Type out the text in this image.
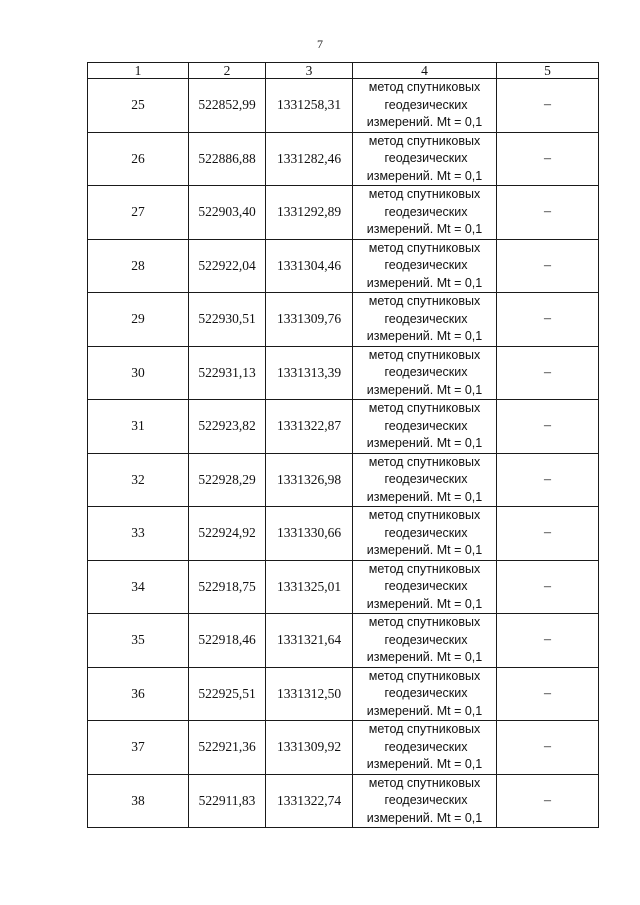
7
1	2	3	4	5
25	522852,99	1331258,31	метод спутниковых
геодезических
измерений. Mt = 0,1	–
26	522886,88	1331282,46	метод спутниковых
геодезических
измерений. Mt = 0,1	–
27	522903,40	1331292,89	метод спутниковых
геодезических
измерений. Mt = 0,1	–
28	522922,04	1331304,46	метод спутниковых
геодезических
измерений. Mt = 0,1	–
29	522930,51	1331309,76	метод спутниковых
геодезических
измерений. Mt = 0,1	–
30	522931,13	1331313,39	метод спутниковых
геодезических
измерений. Mt = 0,1	–
31	522923,82	1331322,87	метод спутниковых
геодезических
измерений. Mt = 0,1	–
32	522928,29	1331326,98	метод спутниковых
геодезических
измерений. Mt = 0,1	–
33	522924,92	1331330,66	метод спутниковых
геодезических
измерений. Mt = 0,1	–
34	522918,75	1331325,01	метод спутниковых
геодезических
измерений. Mt = 0,1	–
35	522918,46	1331321,64	метод спутниковых
геодезических
измерений. Mt = 0,1	–
36	522925,51	1331312,50	метод спутниковых
геодезических
измерений. Mt = 0,1	–
37	522921,36	1331309,92	метод спутниковых
геодезических
измерений. Mt = 0,1	–
38	522911,83	1331322,74	метод спутниковых
геодезических
измерений. Mt = 0,1	–
